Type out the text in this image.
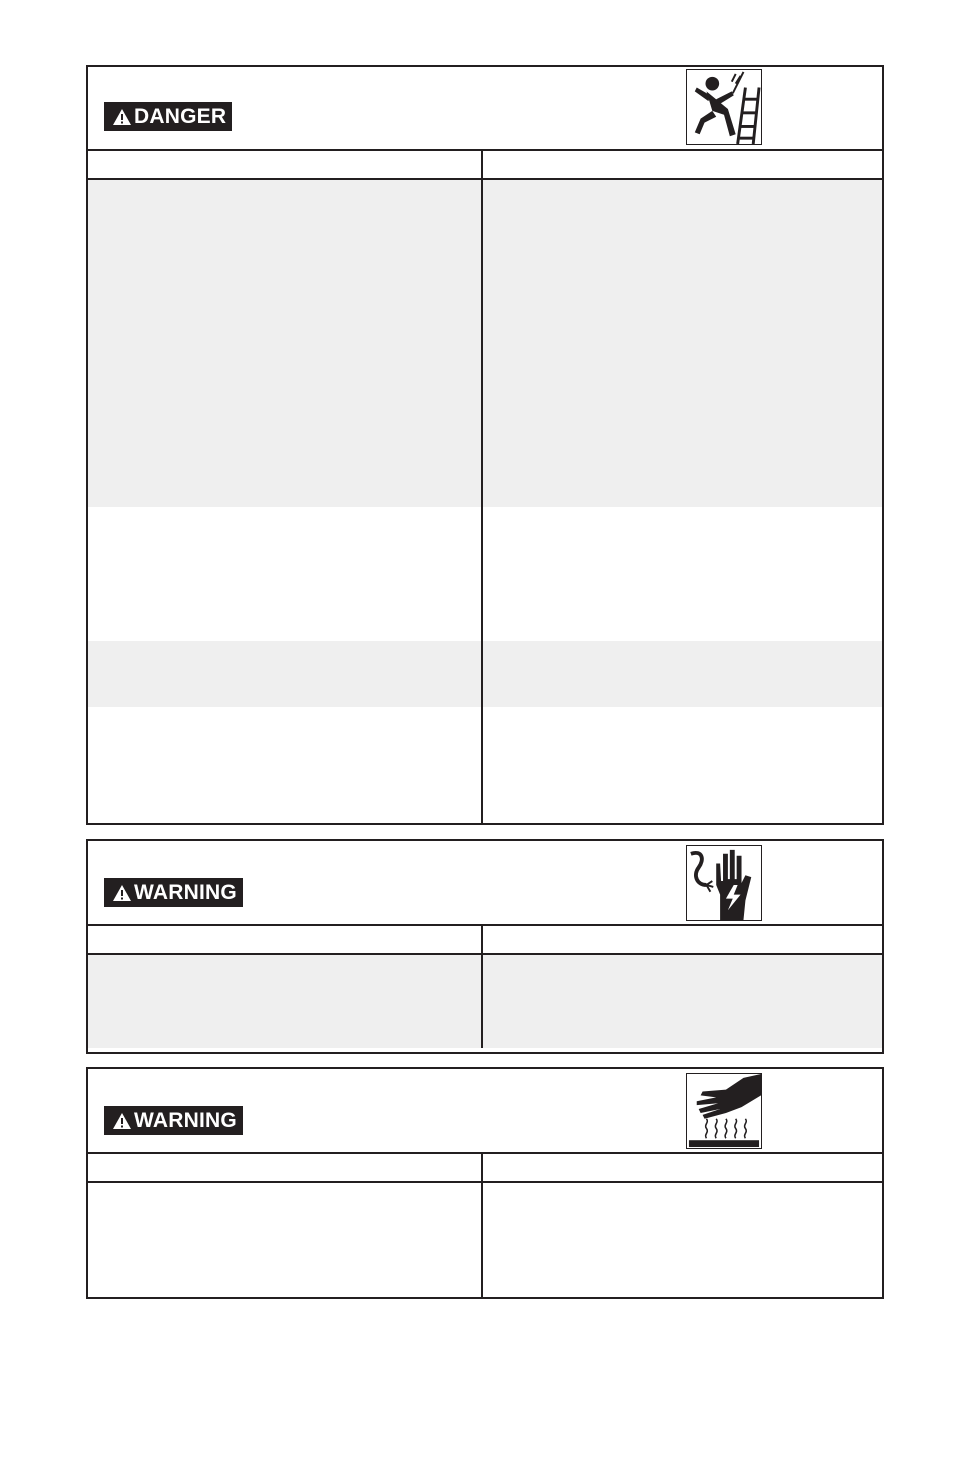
DANGER
WARNING
WARNING
